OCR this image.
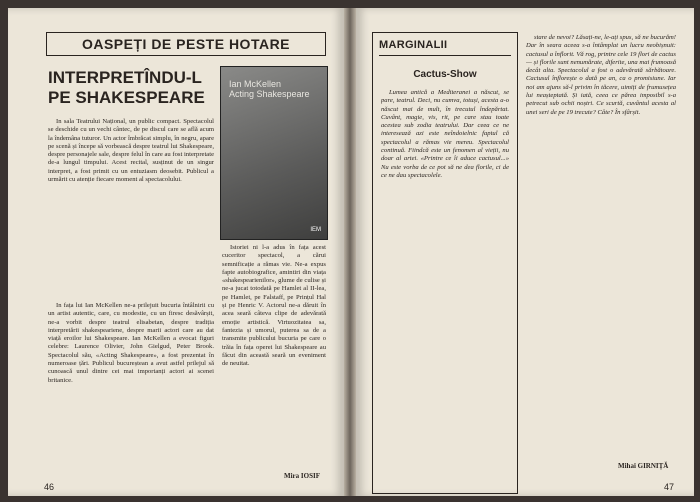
OASPEȚI DE PESTE HOTARE
INTERPRETÎNDU-L PE SHAKESPEARE
Ian McKellen
Acting Shakespeare
IEM

In sala Teatrului Național, un public compact. Spectacolul se deschide cu un vechi cântec, de pe discul care se află acum la îndemâna tuturor. Un actor îmbrăcat simplu, în negru, apare pe scenă și începe să vorbească despre teatrul lui Shakespeare, despre personajele sale, despre felul în care au fost interpretate de-a lungul timpului. Acest recital, susținut de un singur interpret, a fost primit cu un entuziasm deosebit. Publicul a urmărit cu atenție fiecare moment al spectacolului.

In fața lui Ian McKellen ne-a prilejuit bucuria întâlnirii cu un artist autentic, care, cu modestie, cu un firesc desăvârșit, ne-a vorbit despre teatrul elisabetan, despre tradiția interpretării shakespeariene, despre marii actori care au dat viață eroilor lui Shakespeare. Ian McKellen a evocat figuri celebre: Laurence Olivier, John Gielgud, Peter Brook. Spectacolul său, «Acting Shakespeare», a fost prezentat în numeroase țări. Publicul bucureștean a avut astfel prilejul să cunoască unul dintre cei mai importanți actori ai scenei britanice.

Istoriei ni l-a adus în fața acest cuceritor spectacol, a cărui semnificație a rămas vie. Ne-a expus fapte autobiografice, amintiri din viața «shakespearienilor», glume de culise și ne-a jucat totodată pe Hamlet al II-lea, pe Hamlet, pe Falstaff, pe Prințul Hal și pe Henric V. Actorul ne-a dăruit în acea seară câteva clipe de adevărată emoție artistică. Virtuozitatea sa, fantezia și umorul, puterea sa de a transmite publicului bucuria pe care o trăia în fața operei lui Shakespeare au făcut din această seară un eveniment de neuitat.

Mira IOSIF
46
MARGINALII
Cactus-Show

Lumea antică a Mediteranei a născut, se pare, teatrul. Deci, nu cumva, totuși, acesta a-o născut mai de mult, în trecutul îndepărtat. Cuvânt, magie, vis, rit, pe care stau toate acestea sub zodia teatrului. Dar ceea ce ne interesează azi este neîndoielnic faptul că spectacolul a rămas vie mereu. Spectacolul continuă. Fiindcă este un fenomen al vieții, nu doar al artei. «Printre ce îi aduce cactusul...» Nu este vorba de ce pot să ne dea florile, ci de ce ne dau spectacolele.

stare de nevoi? Lăsați-ne, le-ați spus, să ne bucurăm! Dar în seara aceea s-a întâmplat un lucru neobișnuit: cactusul a înflorit. Vă rog, printre cele 19 flori de cactus — și florile sunt nenumărate, diferite, una mai frumoasă decât alta. Spectacolul a fost o adevărată sărbătoare. Cactusul înflorește o dată pe an, ca o promisiune. Iar noi am ajuns să-l privim în tăcere, uimiți de frumusețea lui neașteptată. Și iată, ceea ce părea imposibil s-a petrecut sub ochii noștri. Ce scurtă, cuvântul acesta al unei seri de pe 19 trecute? Câte? În sfârșit.

Mihai GIRNIȚĂ
47
